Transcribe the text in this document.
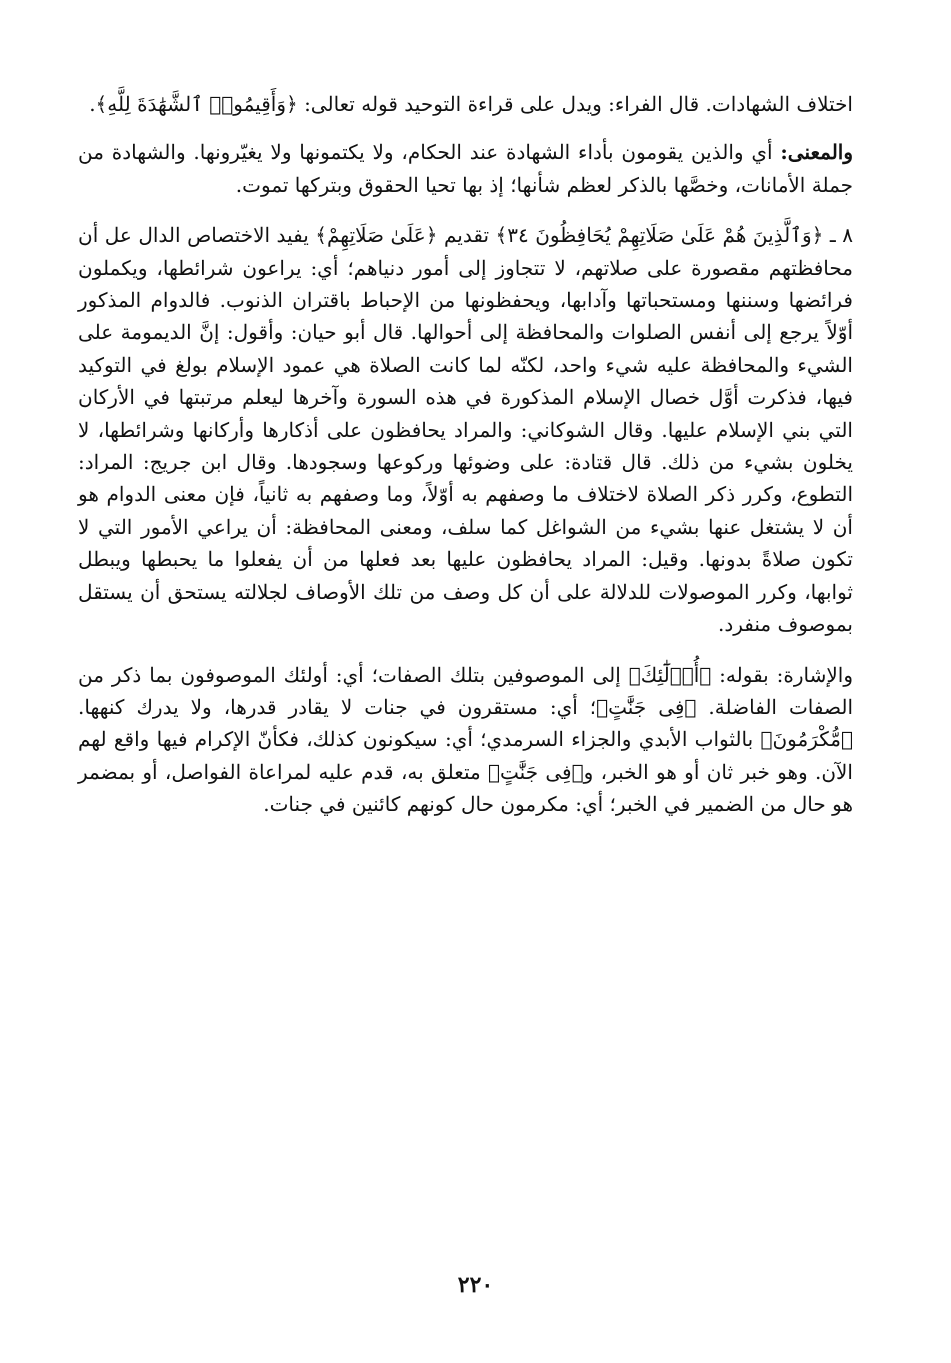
اختلاف الشهادات. قال الفراء: ويدل على قراءة التوحيد قوله تعالى: ﴿وَأَقِيمُوا۟ ٱلشَّهَٰدَةَ لِلَّهِ﴾.

والمعنى: أي والذين يقومون بأداء الشهادة عند الحكام، ولا يكتمونها ولا يغيّرونها. والشهادة من جملة الأمانات، وخصَّها بالذكر لعظم شأنها؛ إذ بها تحيا الحقوق وبتركها تموت.

٨ ـ ﴿وَٱلَّذِينَ هُمْ عَلَىٰ صَلَاتِهِمْ يُحَافِظُونَ ٣٤﴾ تقديم ﴿عَلَىٰ صَلَاتِهِمْ﴾ يفيد الاختصاص الدال عل أن محافظتهم مقصورة على صلاتهم، لا تتجاوز إلى أمور دنياهم؛ أي: يراعون شرائطها، ويكملون فرائضها وسننها ومستحباتها وآدابها، ويحفظونها من الإحباط باقتران الذنوب. فالدوام المذكور أوّلاً يرجع إلى أنفس الصلوات والمحافظة إلى أحوالها. قال أبو حيان: وأقول: إنَّ الديمومة على الشيء والمحافظة عليه شيء واحد، لكنّه لما كانت الصلاة هي عمود الإسلام بولغ في التوكيد فيها، فذكرت أوَّل خصال الإسلام المذكورة في هذه السورة وآخرها ليعلم مرتبتها في الأركان التي بني الإسلام عليها. وقال الشوكاني: والمراد يحافظون على أذكارها وأركانها وشرائطها، لا يخلون بشيء من ذلك. قال قتادة: على وضوئها وركوعها وسجودها. وقال ابن جريج: المراد: التطوع، وكرر ذكر الصلاة لاختلاف ما وصفهم به أوّلاً، وما وصفهم به ثانياً، فإن معنى الدوام هو أن لا يشتغل عنها بشيء من الشواغل كما سلف، ومعنى المحافظة: أن يراعي الأمور التي لا تكون صلاةً بدونها. وقيل: المراد يحافظون عليها بعد فعلها من أن يفعلوا ما يحبطها ويبطل ثوابها، وكرر الموصولات للدلالة على أن كل وصف من تلك الأوصاف لجلالته يستحق أن يستقل بموصوف منفرد.

والإشارة: بقوله: ﴿أُو۟لَٰٓئِكَ﴾ إلى الموصوفين بتلك الصفات؛ أي: أولئك الموصوفون بما ذكر من الصفات الفاضلة. ﴿فِى جَنَّٰتٍ﴾؛ أي: مستقرون في جنات لا يقادر قدرها، ولا يدرك كنهها. ﴿مُّكْرَمُونَ﴾ بالثواب الأبدي والجزاء السرمدي؛ أي: سيكونون كذلك، فكأنّ الإكرام فيها واقع لهم الآن. وهو خبر ثان أو هو الخبر، و﴿فِى جَنَّٰتٍ﴾ متعلق به، قدم عليه لمراعاة الفواصل، أو بمضمر هو حال من الضمير في الخبر؛ أي: مكرمون حال كونهم كائنين في جنات.

٢٢٠
